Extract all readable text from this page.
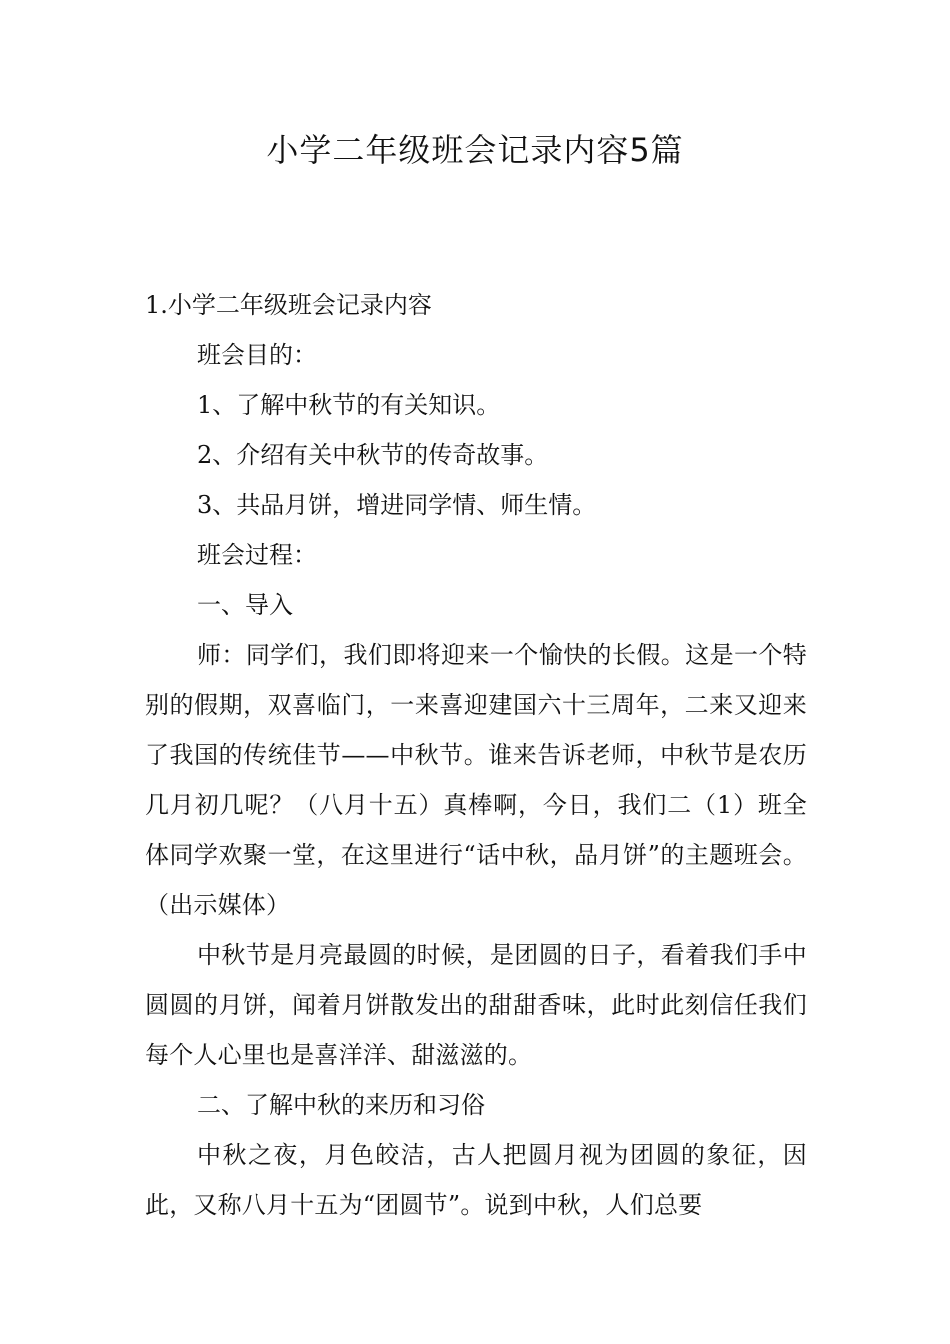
小学二年级班会记录内容5篇

1.小学二年级班会记录内容

班会目的：

1、了解中秋节的有关知识。

2、介绍有关中秋节的传奇故事。

3、共品月饼，增进同学情、师生情。

班会过程：

一、导入

师：同学们，我们即将迎来一个愉快的长假。这是一个特别的假期，双喜临门，一来喜迎建国六十三周年，二来又迎来了我国的传统佳节——中秋节。谁来告诉老师，中秋节是农历几月初几呢？（八月十五）真棒啊，今日，我们二（1）班全体同学欢聚一堂，在这里进行“话中秋，品月饼”的主题班会。（出示媒体）

中秋节是月亮最圆的时候，是团圆的日子，看着我们手中圆圆的月饼，闻着月饼散发出的甜甜香味，此时此刻信任我们每个人心里也是喜洋洋、甜滋滋的。

二、了解中秋的来历和习俗

中秋之夜，月色皎洁，古人把圆月视为团圆的象征，因此，又称八月十五为“团圆节”。说到中秋，人们总要
